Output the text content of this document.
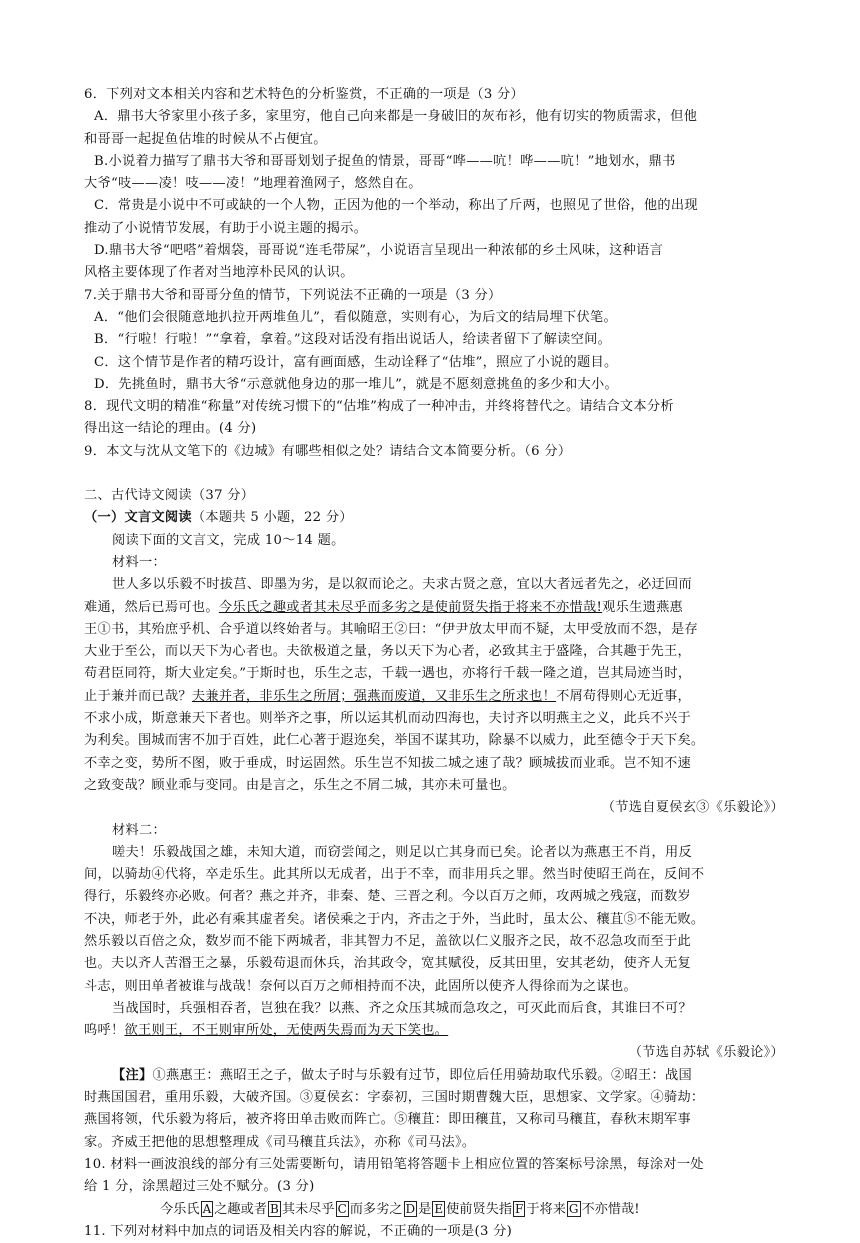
6．下列对文本相关内容和艺术特色的分析鉴赏，不正确的一项是（3 分）
A．鼎书大爷家里小孩子多，家里穷，他自己向来都是一身破旧的灰布衫，他有切实的物质需求，但他
和哥哥一起捉鱼估堆的时候从不占便宜。
B.小说着力描写了鼎书大爷和哥哥划划子捉鱼的情景，哥哥“哗——吭！哗——吭！”地划水，鼎书
大爷“吱——凌！吱——凌！”地理着渔网子，悠然自在。
C．常贵是小说中不可或缺的一个人物，正因为他的一个举动，称出了斤两，也照见了世俗，他的出现
推动了小说情节发展，有助于小说主题的揭示。
D.鼎书大爷“吧嗒”着烟袋，哥哥说“连毛带屎”，小说语言呈现出一种浓郁的乡土风味，这种语言
风格主要体现了作者对当地淳朴民风的认识。
7.关于鼎书大爷和哥哥分鱼的情节，下列说法不正确的一项是（3 分）
A．“他们会很随意地扒拉开两堆鱼儿”，看似随意，实则有心，为后文的结局埋下伏笔。
B．“行啦！行啦！”“拿着，拿着。”这段对话没有指出说话人，给读者留下了解读空间。
C．这个情节是作者的精巧设计，富有画面感，生动诠释了“估堆”，照应了小说的题目。
D．先挑鱼时，鼎书大爷“示意就他身边的那一堆儿”，就是不愿刻意挑鱼的多少和大小。
8．现代文明的精准“称量”对传统习惯下的“估堆”构成了一种冲击，并终将替代之。请结合文本分析
得出这一结论的理由。(4 分)
9．本文与沈从文笔下的《边城》有哪些相似之处？请结合文本简要分析。（6 分）
二、古代诗文阅读（37 分）
（一）文言文阅读（本题共 5 小题，22 分）
阅读下面的文言文，完成 10～14 题。
材料一：
世人多以乐毅不时拔莒、即墨为劣，是以叙而论之。夫求古贤之意，宜以大者远者先之，必迂回而
难通，然后已焉可也。今乐氏之趣或者其未尽乎而多劣之是使前贤失指于将来不亦惜哉!观乐生遗燕惠
王①书，其殆庶乎机、合乎道以终始者与。其喻昭王②曰：“伊尹放太甲而不疑，太甲受放而不怨，是存
大业于至公，而以天下为心者也。夫欲极道之量，务以天下为心者，必致其主于盛隆，合其趣于先王，
苟君臣同符，斯大业定矣。”于斯时也，乐生之志，千载一遇也，亦将行千载一隆之道，岂其局迹当时，
止于兼并而已哉？夫兼并者，非乐生之所屑；强燕而废道，又非乐生之所求也！不屑苟得则心无近事，
不求小成，斯意兼天下者也。则举齐之事，所以运其机而动四海也，夫讨齐以明燕主之义，此兵不兴于
为利矣。围城而害不加于百姓，此仁心著于遐迩矣，举国不谋其功，除暴不以威力，此至德令于天下矣。
不幸之变，势所不图，败于垂成，时运固然。乐生岂不知拔二城之速了哉？顾城拔而业乖。岂不知不速
之致变哉？顾业乖与变同。由是言之，乐生之不屑二城，其亦未可量也。
（节选自夏侯玄③《乐毅论》）
材料二：
嗟夫！乐毅战国之雄，未知大道，而窃尝闻之，则足以亡其身而已矣。论者以为燕惠王不肖，用反
间，以骑劫④代将，卒走乐生。此其所以无成者，出于不幸，而非用兵之罪。然当时使昭王尚在，反间不
得行，乐毅终亦必败。何者？燕之并齐，非秦、楚、三晋之利。今以百万之师，攻两城之残寇，而数岁
不决，师老于外，此必有乘其虚者矣。诸侯乘之于内，齐击之于外，当此时，虽太公、穰苴⑤不能无败。
然乐毅以百倍之众，数岁而不能下两城者，非其智力不足，盖欲以仁义服齐之民，故不忍急攻而至于此
也。夫以齐人苦湣王之暴，乐毅苟退而休兵，治其政令，宽其赋役，反其田里，安其老幼，使齐人无复
斗志，则田单者被谁与战哉！奈何以百万之师相持而不决，此固所以使齐人得徐而为之谋也。
当战国时，兵强相吞者，岂独在我？以燕、齐之众压其城而急攻之，可灭此而后食，其谁曰不可？
呜呼！欲王则王，不王则审所处，无使两失焉而为天下笑也。
（节选自苏轼《乐毅论》）
【注】①燕惠王：燕昭王之子，做太子时与乐毅有过节，即位后任用骑劫取代乐毅。②昭王：战国
时燕国国君，重用乐毅，大破齐国。③夏侯玄：字泰初，三国时期曹魏大臣，思想家、文学家。④骑劫：
燕国将领，代乐毅为将后，被齐将田单击败而阵亡。⑤穰苴：即田穰苴，又称司马穰苴，春秋末期军事
家。齐威王把他的思想整理成《司马穰苴兵法》，亦称《司马法》。
10. 材料一画波浪线的部分有三处需要断句，请用铅笔将答题卡上相应位置的答案标号涂黑，每涂对一处
给 1 分，涂黑超过三处不赋分。(3 分)
今乐氏 A 之趣或者 B 其未尽乎 C 而多劣之 D 是 E 使前贤失指 F 于将来 G 不亦惜哉!
11. 下列对材料中加点的词语及相关内容的解说，不正确的一项是(3 分)
